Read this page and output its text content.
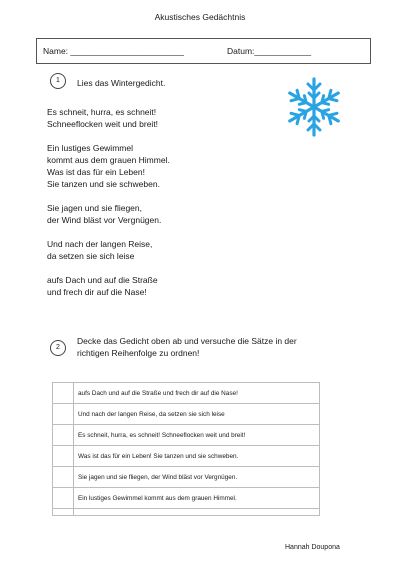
Akustisches Gedächtnis
Name: ________________________	Datum:____________
1	Lies das Wintergedicht.
Es schneit, hurra, es schneit!
Schneeflocken weit und breit!
Ein lustiges Gewimmel
kommt aus dem grauen Himmel.
Was ist das für ein Leben!
Sie tanzen und sie schweben.
Sie jagen und sie fliegen,
der Wind bläst vor Vergnügen.
Und nach der langen Reise,
da setzen sie sich leise
aufs Dach und auf die Straße
und frech dir auf die Nase!
2
Decke das Gedicht oben ab und versuche die Sätze in der
richtigen Reihenfolge zu ordnen!
	aufs Dach und auf die Straße und frech dir auf die Nase!
	Und nach der langen Reise, da setzen sie sich leise
	Es schneit, hurra, es schneit! Schneeflocken weit und breit!
	Was ist das für ein Leben! Sie tanzen und sie schweben.
	Sie jagen und sie fliegen, der Wind bläst vor Vergnügen.
	Ein lustiges Gewimmel kommt aus dem grauen Himmel.

Hannah Doupona
